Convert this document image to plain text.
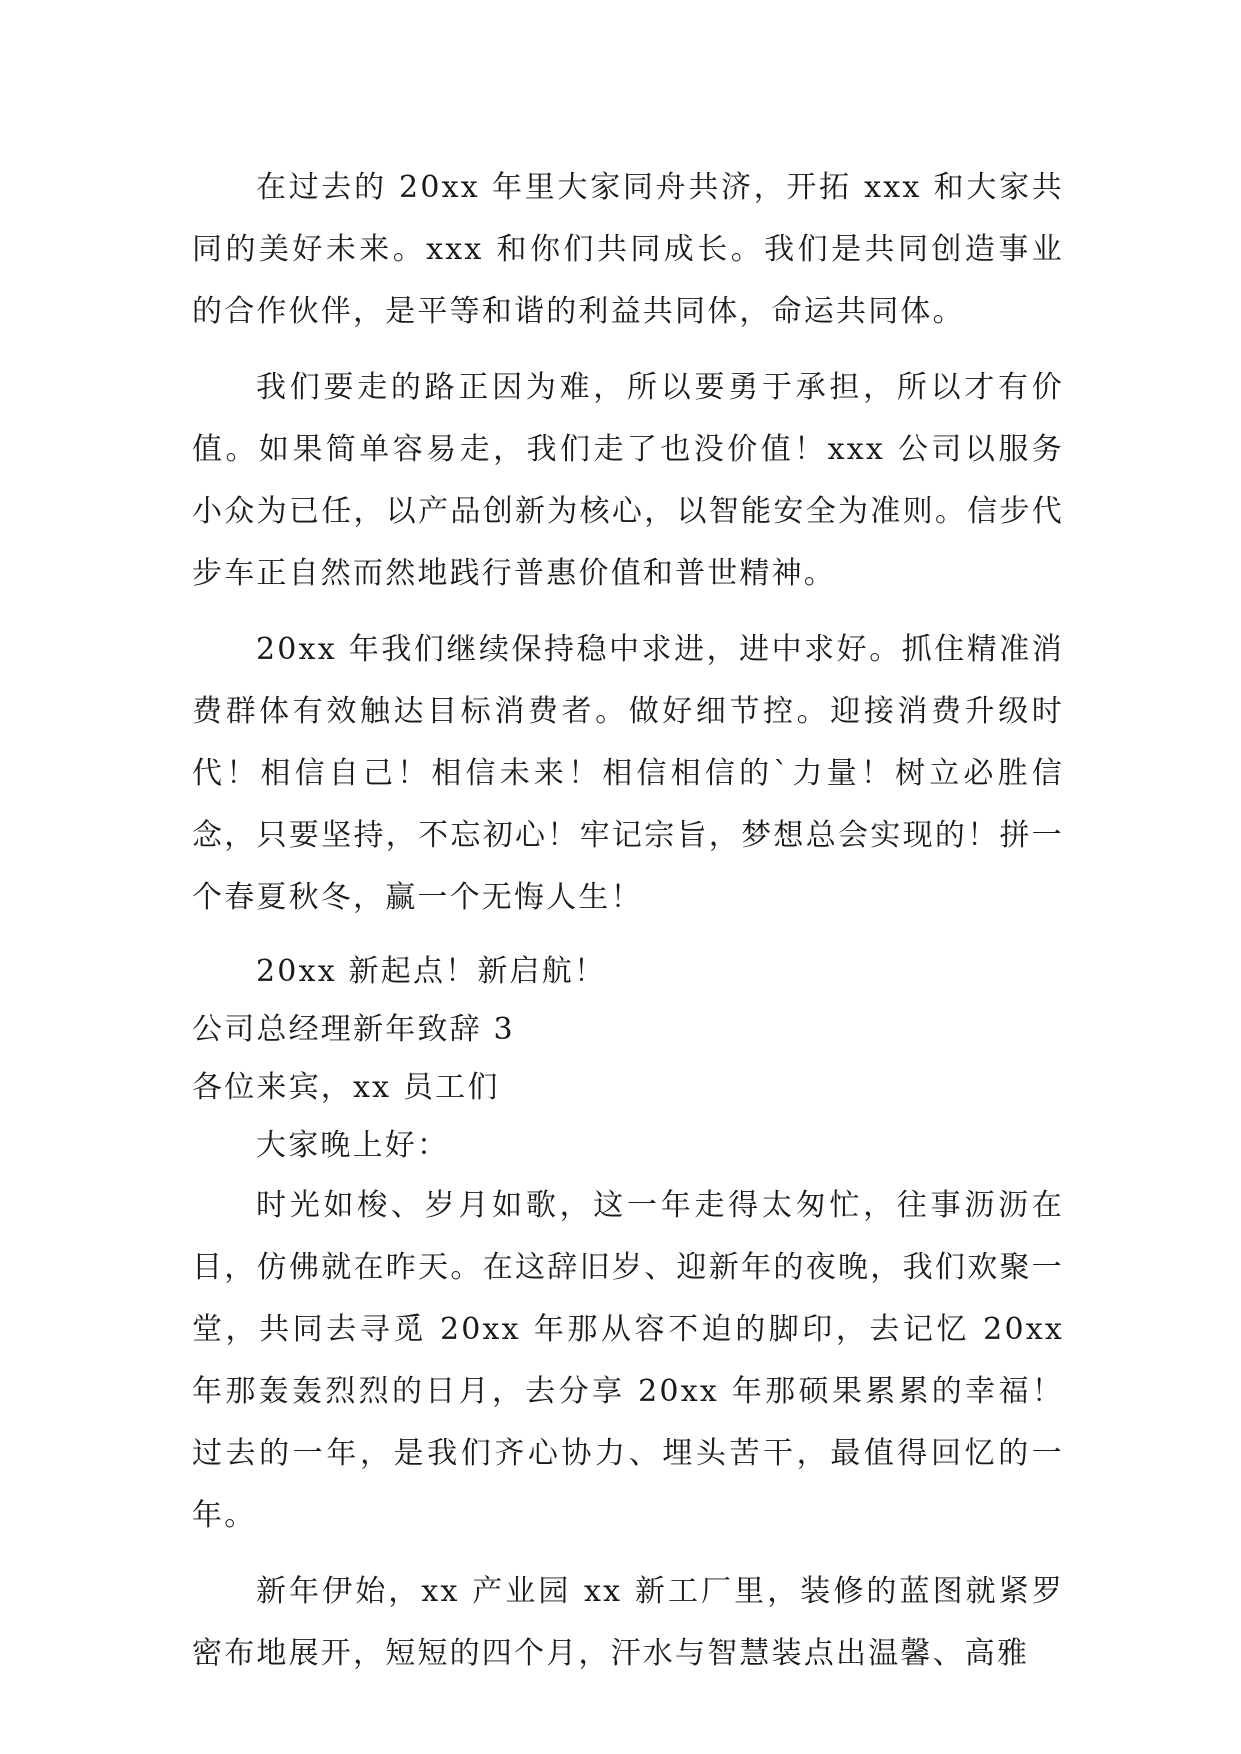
在过去的 20xx 年里大家同舟共济，开拓 xxx 和大家共同的美好未来。xxx 和你们共同成长。我们是共同创造事业的合作伙伴，是平等和谐的利益共同体，命运共同体。

我们要走的路正因为难，所以要勇于承担，所以才有价值。如果简单容易走，我们走了也没价值！xxx 公司以服务小众为已任，以产品创新为核心，以智能安全为准则。信步代步车正自然而然地践行普惠价值和普世精神。

20xx 年我们继续保持稳中求进，进中求好。抓住精准消费群体有效触达目标消费者。做好细节控。迎接消费升级时代！相信自己！相信未来！相信相信的`力量！树立必胜信念，只要坚持，不忘初心！牢记宗旨，梦想总会实现的！拼一个春夏秋冬，赢一个无悔人生！

20xx 新起点！新启航！

公司总经理新年致辞 3

各位来宾，xx 员工们

大家晚上好：

时光如梭、岁月如歌，这一年走得太匆忙，往事沥沥在目，仿佛就在昨天。在这辞旧岁、迎新年的夜晚，我们欢聚一堂，共同去寻觅 20xx 年那从容不迫的脚印，去记忆 20xx 年那轰轰烈烈的日月，去分享 20xx 年那硕果累累的幸福！过去的一年，是我们齐心协力、埋头苦干，最值得回忆的一年。

新年伊始，xx 产业园 xx 新工厂里，装修的蓝图就紧罗密布地展开，短短的四个月，汗水与智慧装点出温馨、高雅
